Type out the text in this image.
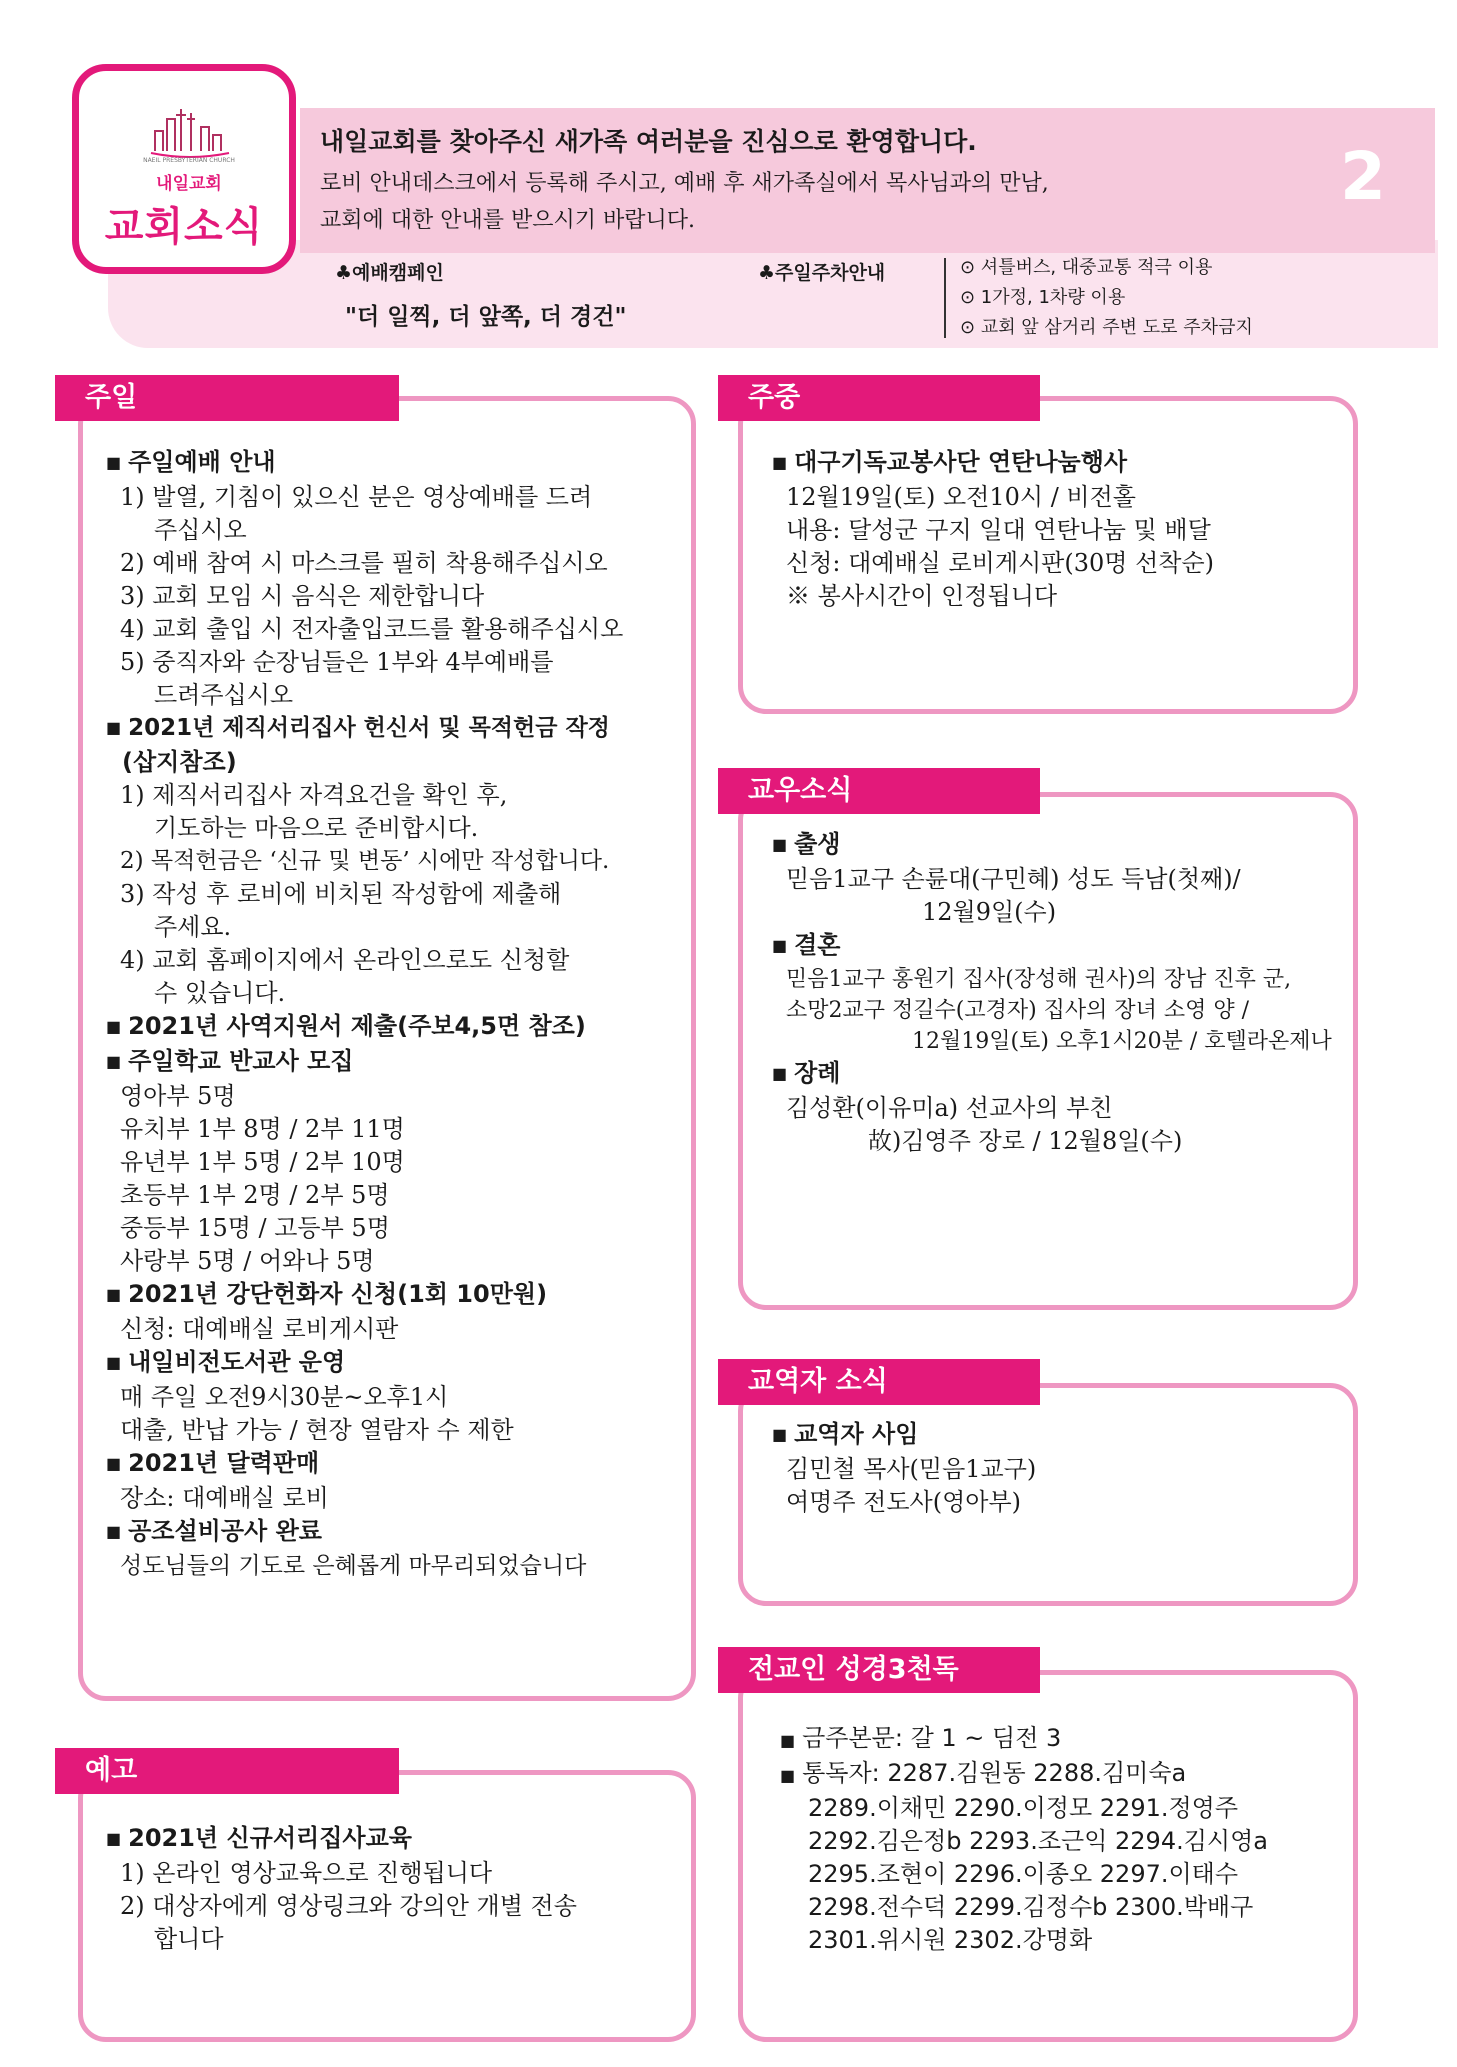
NAEIL PRESBYTERIAN CHURCH
내일교회
교회소식
내일교회를 찾아주신 새가족 여러분을 진심으로 환영합니다.
로비 안내데스크에서 등록해 주시고, 예배 후 새가족실에서 목사님과의 만남,
교회에 대한 안내를 받으시기 바랍니다.
2
♣예배캠페인
"더 일찍, 더 앞쪽, 더 경건"
♣주일주차안내	⊙ 셔틀버스, 대중교통 적극 이용
⊙ 1가정, 1차량 이용
⊙ 교회 앞 삼거리 주변 도로 주차금지
주일
■ 주일예배 안내
1) 발열, 기침이 있으신 분은 영상예배를 드려
주십시오
2) 예배 참여 시 마스크를 필히 착용해주십시오
3) 교회 모임 시 음식은 제한합니다
4) 교회 출입 시 전자출입코드를 활용해주십시오
5) 중직자와 순장님들은 1부와 4부예배를
드려주십시오
■ 2021년 제직서리집사 헌신서 및 목적헌금 작정
(삽지참조)
1) 제직서리집사 자격요건을 확인 후,
기도하는 마음으로 준비합시다.
2) 목적헌금은 ‘신규 및 변동’ 시에만 작성합니다.
3) 작성 후 로비에 비치된 작성함에 제출해
주세요.
4) 교회 홈페이지에서 온라인으로도 신청할
수 있습니다.
■ 2021년 사역지원서 제출(주보4,5면 참조)
■ 주일학교 반교사 모집
영아부 5명
유치부 1부 8명 / 2부 11명
유년부 1부 5명 / 2부 10명
초등부 1부 2명 / 2부 5명
중등부 15명 / 고등부 5명
사랑부 5명 / 어와나 5명
■ 2021년 강단헌화자 신청(1회 10만원)
신청: 대예배실 로비게시판
■ 내일비전도서관 운영
매 주일 오전9시30분~오후1시
대출, 반납 가능 / 현장 열람자 수 제한
■ 2021년 달력판매
장소: 대예배실 로비
■ 공조설비공사 완료
성도님들의 기도로 은혜롭게 마무리되었습니다
예고
■ 2021년 신규서리집사교육
1) 온라인 영상교육으로 진행됩니다
2) 대상자에게 영상링크와 강의안 개별 전송
합니다
주중
■ 대구기독교봉사단 연탄나눔행사
12월19일(토) 오전10시 / 비전홀
내용: 달성군 구지 일대 연탄나눔 및 배달
신청: 대예배실 로비게시판(30명 선착순)
※ 봉사시간이 인정됩니다
교우소식
■ 출생
믿음1교구 손륜대(구민혜) 성도 득남(첫째)/
12월9일(수)
■ 결혼
믿음1교구 홍원기 집사(장성해 권사)의 장남 진후 군,
소망2교구 정길수(고경자) 집사의 장녀 소영 양 /
12월19일(토) 오후1시20분 / 호텔라온제나
■ 장례
김성환(이유미a) 선교사의 부친
故)김영주 장로 / 12월8일(수)
교역자 소식
■ 교역자 사임
김민철 목사(믿음1교구)
여명주 전도사(영아부)
전교인 성경3천독
■ 금주본문: 갈 1 ~ 딤전 3
■ 통독자: 2287.김원동 2288.김미숙a
2289.이채민 2290.이정모 2291.정영주
2292.김은정b 2293.조근익 2294.김시영a
2295.조현이 2296.이종오 2297.이태수
2298.전수덕 2299.김정수b 2300.박배구
2301.위시원 2302.강명화
